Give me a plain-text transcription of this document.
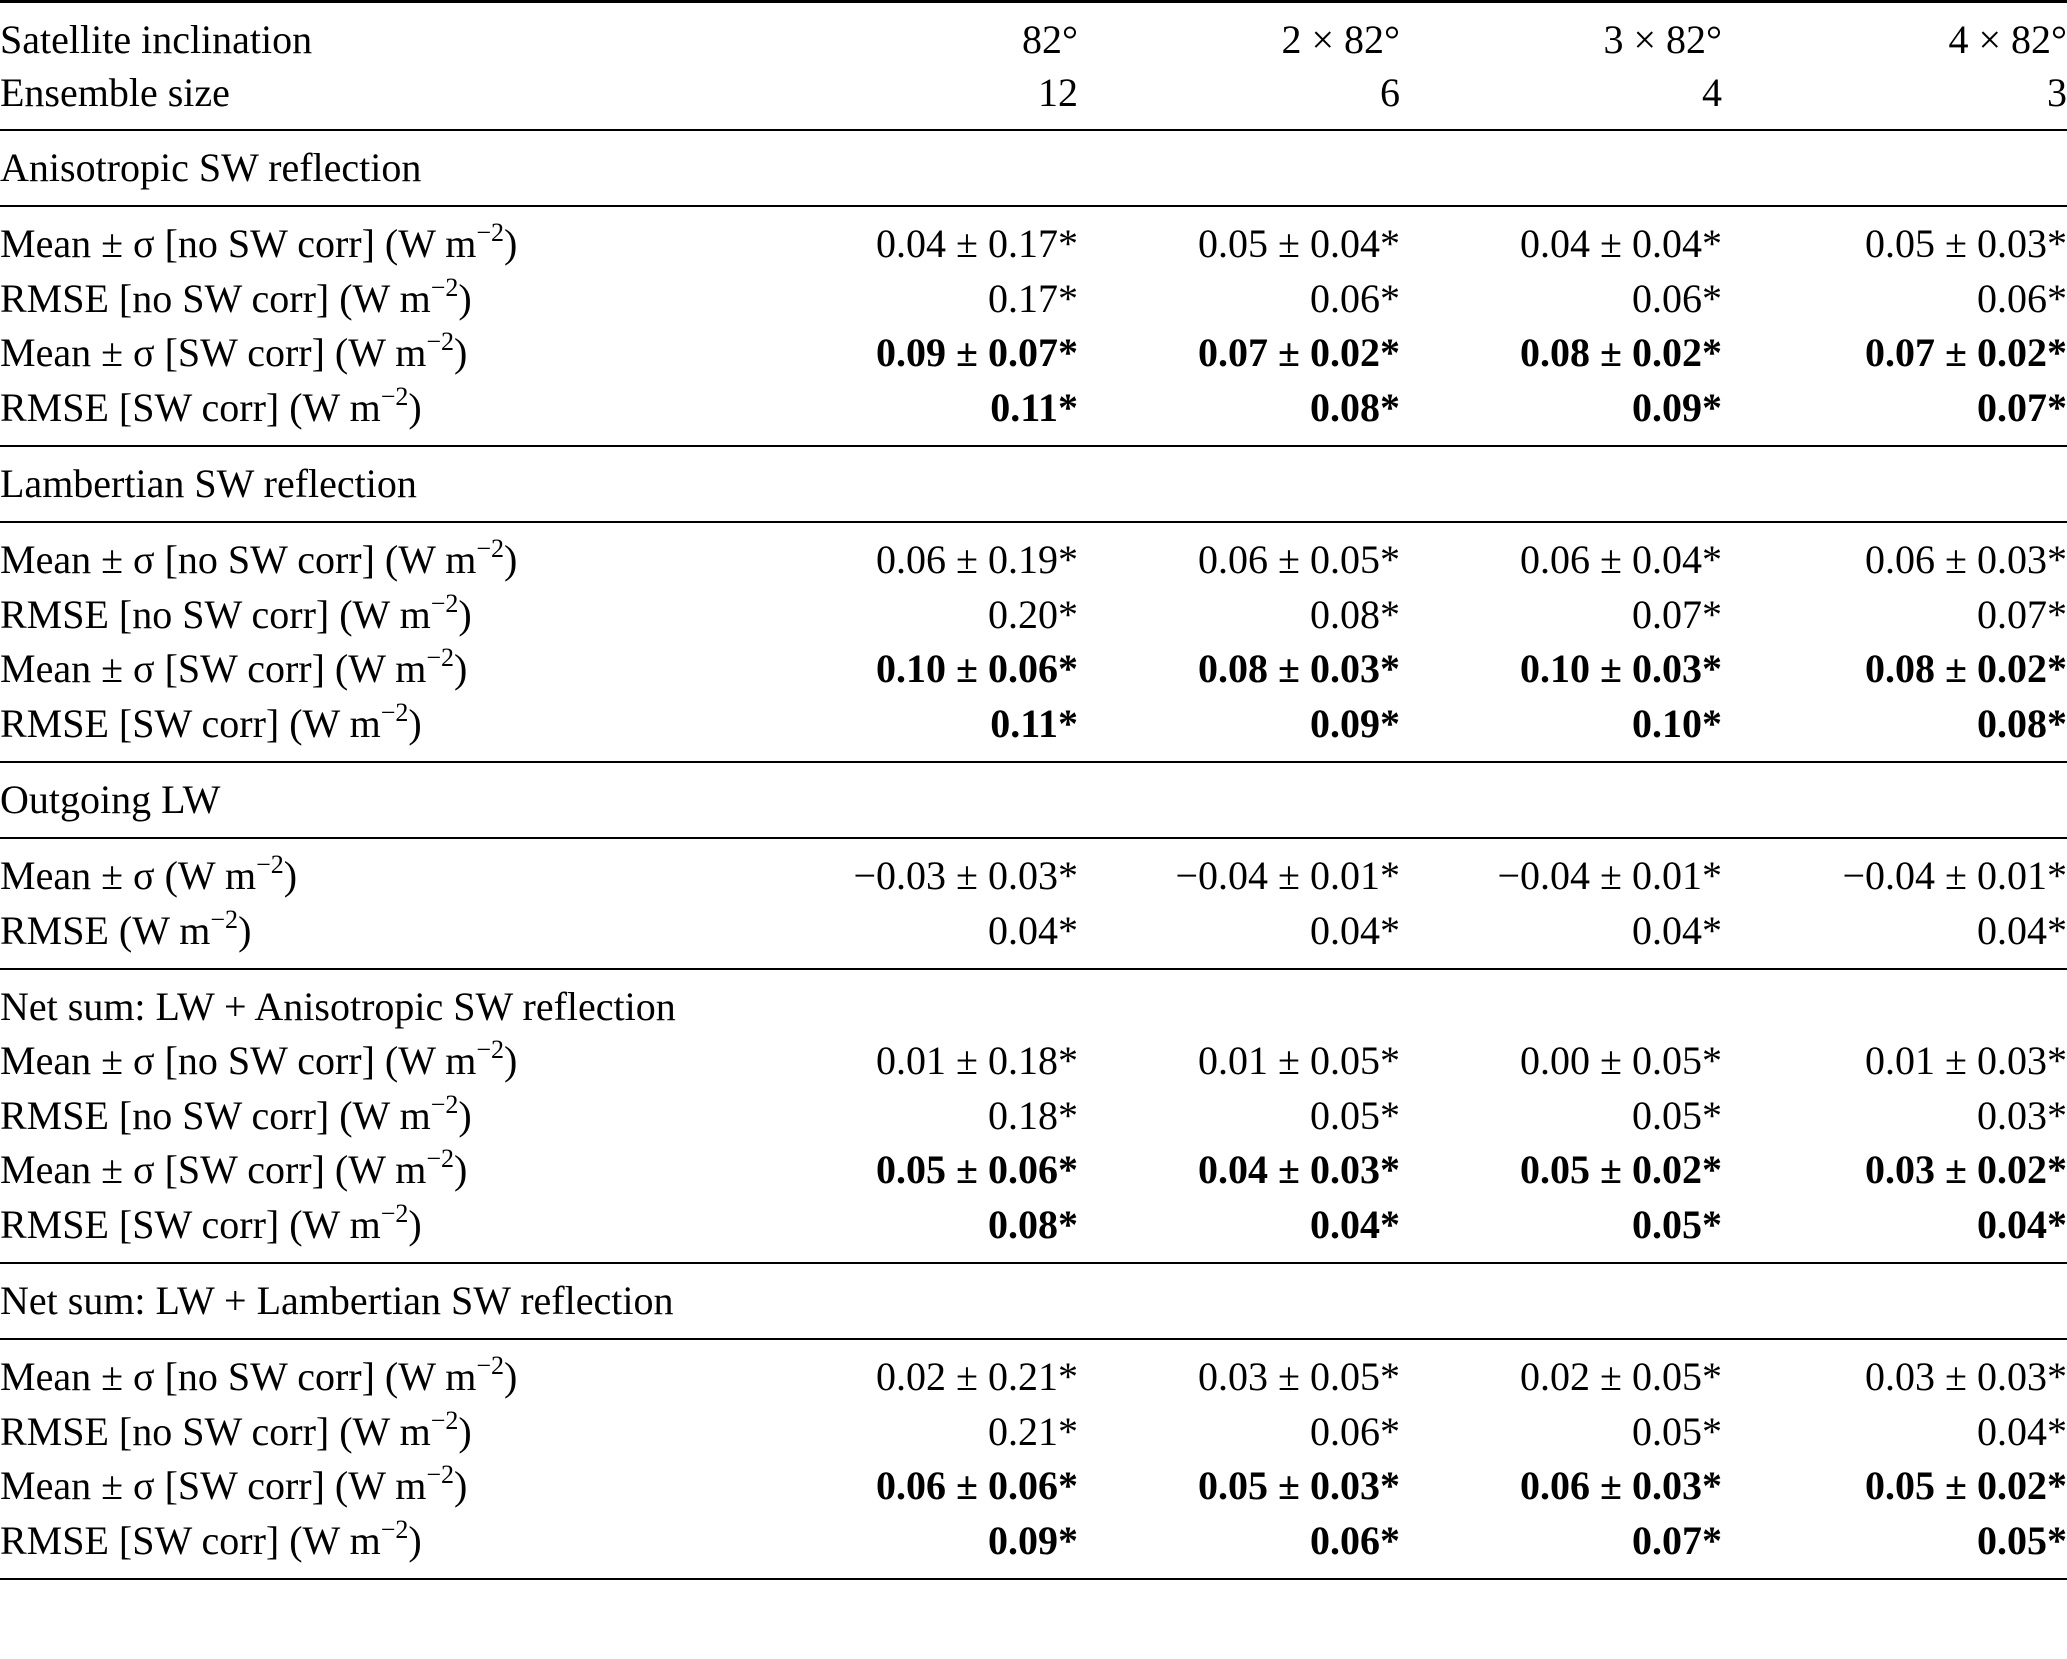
Satellite inclination	82°	2 × 82°	3 × 82°	4 × 82°
Ensemble size	12	6	4	3
Anisotropic SW reflection				
Mean ± σ [no SW corr] (W $m^{-2}$)	0.04 ± 0.17*	0.05 ± 0.04*	0.04 ± 0.04*	0.05 ± 0.03*
RMSE [no SW corr] (W $m^{-2}$)	0.17*	0.06*	0.06*	0.06*
Mean ± σ [SW corr] (W $m^{-2}$)	0.09 ± 0.07*	0.07 ± 0.02*	0.08 ± 0.02*	0.07 ± 0.02*
RMSE [SW corr] (W $m^{-2}$)	0.11*	0.08*	0.09*	0.07*
Lambertian SW reflection				
Mean ± σ [no SW corr] (W $m^{-2}$)	0.06 ± 0.19*	0.06 ± 0.05*	0.06 ± 0.04*	0.06 ± 0.03*
RMSE [no SW corr] (W $m^{-2}$)	0.20*	0.08*	0.07*	0.07*
Mean ± σ [SW corr] (W $m^{-2}$)	0.10 ± 0.06*	0.08 ± 0.03*	0.10 ± 0.03*	0.08 ± 0.02*
RMSE [SW corr] (W $m^{-2}$)	0.11*	0.09*	0.10*	0.08*
Outgoing LW				
Mean ± σ (W $m^{-2}$)	−0.03 ± 0.03*	−0.04 ± 0.01*	−0.04 ± 0.01*	−0.04 ± 0.01*
RMSE (W $m^{-2}$)	0.04*	0.04*	0.04*	0.04*
Net sum: LW + Anisotropic SW reflection				
Mean ± σ [no SW corr] (W $m^{-2}$)	0.01 ± 0.18*	0.01 ± 0.05*	0.00 ± 0.05*	0.01 ± 0.03*
RMSE [no SW corr] (W $m^{-2}$)	0.18*	0.05*	0.05*	0.03*
Mean ± σ [SW corr] (W $m^{-2}$)	0.05 ± 0.06*	0.04 ± 0.03*	0.05 ± 0.02*	0.03 ± 0.02*
RMSE [SW corr] (W $m^{-2}$)	0.08*	0.04*	0.05*	0.04*
Net sum: LW + Lambertian SW reflection				
Mean ± σ [no SW corr] (W $m^{-2}$)	0.02 ± 0.21*	0.03 ± 0.05*	0.02 ± 0.05*	0.03 ± 0.03*
RMSE [no SW corr] (W $m^{-2}$)	0.21*	0.06*	0.05*	0.04*
Mean ± σ [SW corr] (W $m^{-2}$)	0.06 ± 0.06*	0.05 ± 0.03*	0.06 ± 0.03*	0.05 ± 0.02*
RMSE [SW corr] (W $m^{-2}$)	0.09*	0.06*	0.07*	0.05*
